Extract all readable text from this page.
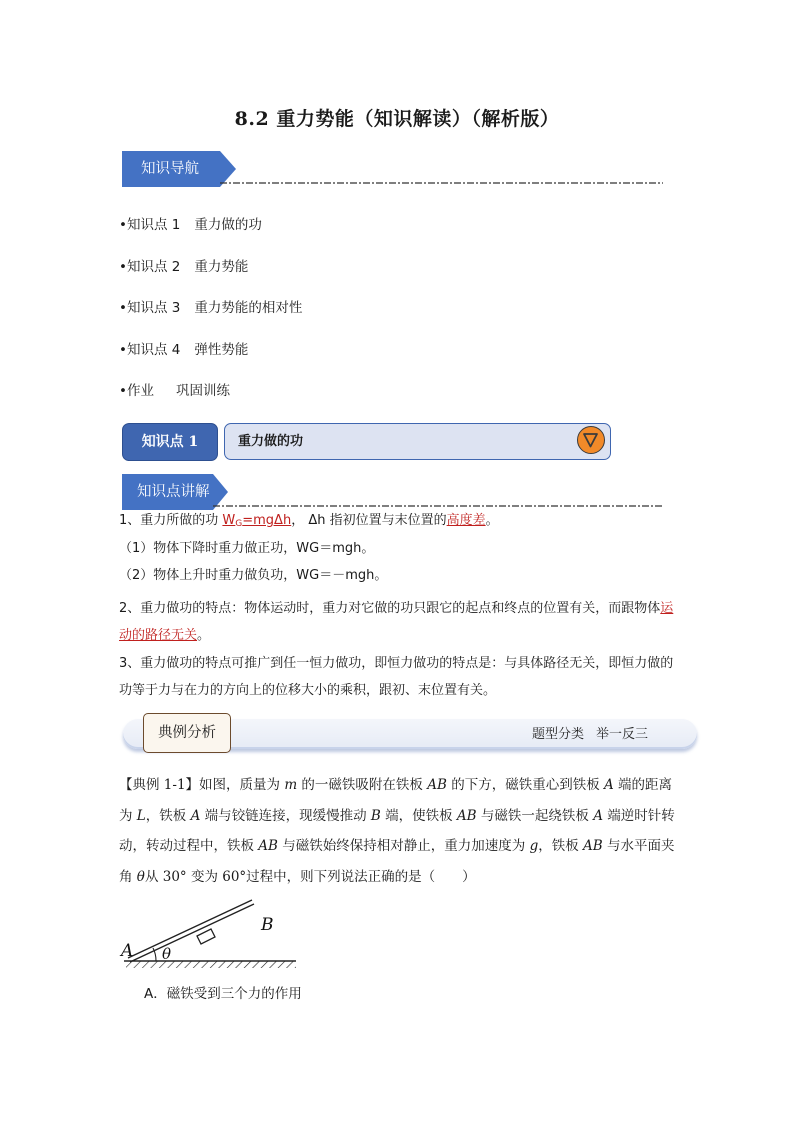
8.2 重力势能（知识解读）（解析版）
知识导航
•知识点 1 重力做的功
•知识点 2 重力势能
•知识点 3 重力势能的相对性
•知识点 4 弹性势能
•作业 巩固训练
知识点 1	重力做的功
知识点讲解
1、重力所做的功 $W_G=mg\Delta h$， Δh 指初位置与末位置的高度差。
（1）物体下降时重力做正功，WG＝mgh。
（2）物体上升时重力做负功，WG＝－mgh。
2、重力做功的特点：物体运动时，重力对它做的功只跟它的起点和终点的位置有关，而跟物体运动的路径无关。
3、重力做功的特点可推广到任一恒力做功，即恒力做功的特点是：与具体路径无关，即恒力做的功等于力与在力的方向上的位移大小的乘积，跟初、末位置有关。
典例分析	题型分类 举一反三
【典例 1-1】如图，质量为 m 的一磁铁吸附在铁板 AB 的下方，磁铁重心到铁板 A 端的距离为 L，铁板 A 端与铰链连接，现缓慢推动 B 端，使铁板 AB 与磁铁一起绕铁板 A 端逆时针转动，转动过程中，铁板 AB 与磁铁始终保持相对静止，重力加速度为 g，铁板 AB 与水平面夹角 θ从 30° 变为 60°过程中，则下列说法正确的是（　　）
A
B
θ
A．磁铁受到三个力的作用
